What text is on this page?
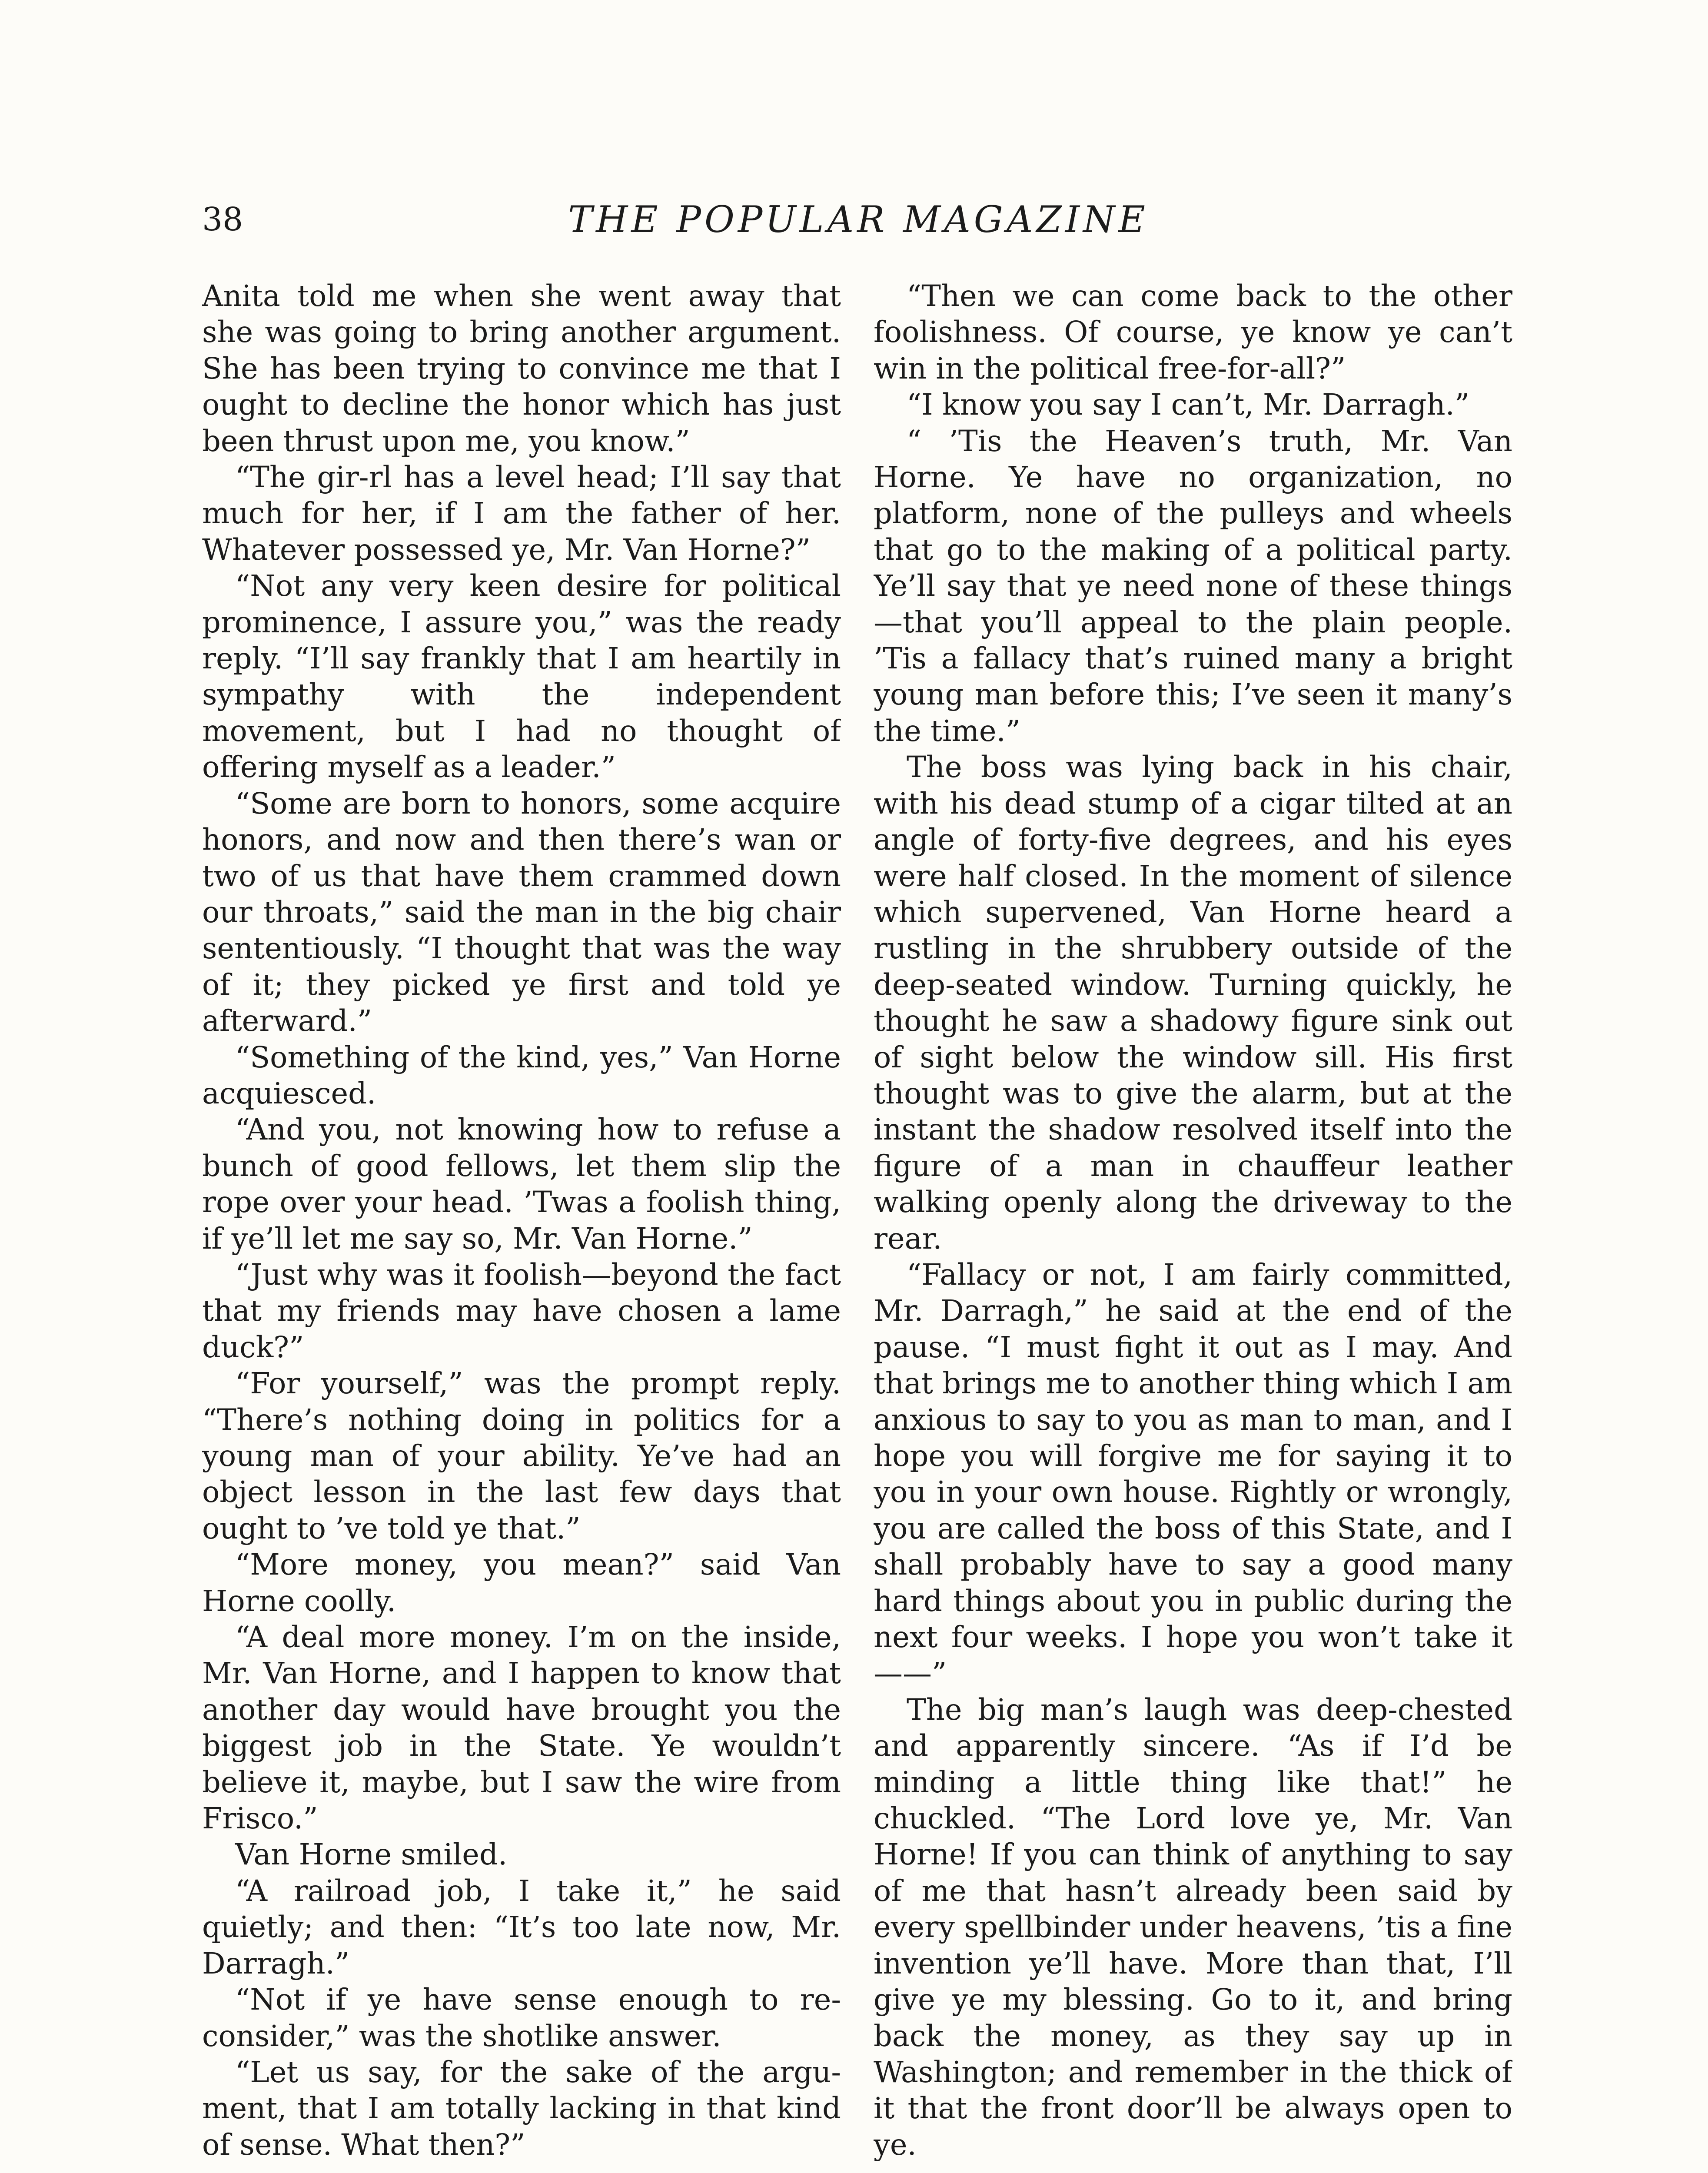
38	THE POPULAR MAGAZINE

Anita told me when she went away that she was going to bring another argument. She has been trying to convince me that I ought to decline the honor which has just been thrust upon me, you know.”

“The gir-rl has a level head; I’ll say that much for her, if I am the father of her. Whatever possessed ye, Mr. Van Horne?”

“Not any very keen desire for political prominence, I assure you,” was the ready reply. “I’ll say frankly that I am heartily in sympathy with the independent movement, but I had no thought of offering myself as a leader.”

“Some are born to honors, some acquire honors, and now and then there’s wan or two of us that have them crammed down our throats,” said the man in the big chair sententiously. “I thought that was the way of it; they picked ye first and told ye afterward.”

“Something of the kind, yes,” Van Horne acquiesced.

“And you, not knowing how to refuse a bunch of good fellows, let them slip the rope over your head. ’Twas a foolish thing, if ye’ll let me say so, Mr. Van Horne.”

“Just why was it foolish—beyond the fact that my friends may have chosen a lame duck?”

“For yourself,” was the prompt reply. “There’s nothing doing in politics for a young man of your ability. Ye’ve had an object lesson in the last few days that ought to ’ve told ye that.”

“More money, you mean?” said Van Horne coolly.

“A deal more money. I’m on the inside, Mr. Van Horne, and I happen to know that another day would have brought you the biggest job in the State. Ye wouldn’t believe it, maybe, but I saw the wire from Frisco.”

Van Horne smiled.

“A railroad job, I take it,” he said quietly; and then: “It’s too late now, Mr. Darragh.”

“Not if ye have sense enough to reconsider,” was the shotlike answer.

“Let us say, for the sake of the argument, that I am totally lacking in that kind of sense. What then?”

“Then we can come back to the other foolishness. Of course, ye know ye can’t win in the political free-for-all?”

“I know you say I can’t, Mr. Darragh.”

“ ’Tis the Heaven’s truth, Mr. Van Horne. Ye have no organization, no platform, none of the pulleys and wheels that go to the making of a political party. Ye’ll say that ye need none of these things—that you’ll appeal to the plain people. ’Tis a fallacy that’s ruined many a bright young man before this; I’ve seen it many’s the time.”

The boss was lying back in his chair, with his dead stump of a cigar tilted at an angle of forty-five degrees, and his eyes were half closed. In the moment of silence which supervened, Van Horne heard a rustling in the shrubbery outside of the deep-seated window. Turning quickly, he thought he saw a shadowy figure sink out of sight below the window sill. His first thought was to give the alarm, but at the instant the shadow resolved itself into the figure of a man in chauffeur leather walking openly along the driveway to the rear.

“Fallacy or not, I am fairly committed, Mr. Darragh,” he said at the end of the pause. “I must fight it out as I may. And that brings me to another thing which I am anxious to say to you as man to man, and I hope you will forgive me for saying it to you in your own house. Rightly or wrongly, you are called the boss of this State, and I shall probably have to say a good many hard things about you in public during the next four weeks. I hope you won’t take it——”

The big man’s laugh was deep-chested and apparently sincere. “As if I’d be minding a little thing like that!” he chuckled. “The Lord love ye, Mr. Van Horne! If you can think of anything to say of me that hasn’t already been said by every spellbinder under heavens, ’tis a fine invention ye’ll have. More than that, I’ll give ye my blessing. Go to it, and bring back the money, as they say up in Washington; and remember in the thick of it that the front door’ll be always open to ye.
